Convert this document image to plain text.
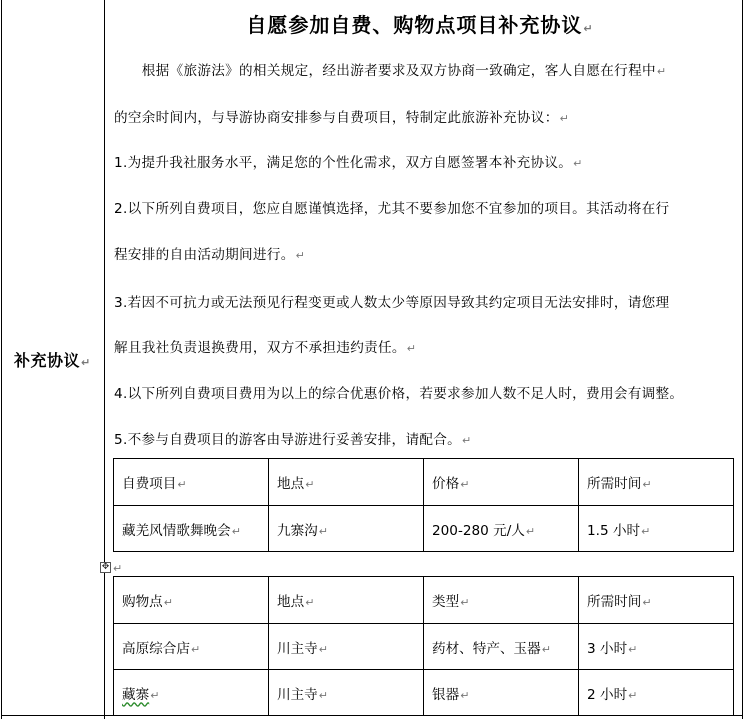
补充协议↵
自愿参加自费、购物点项目补充协议↵
　　根据《旅游法》的相关规定，经出游者要求及双方协商一致确定，客人自愿在行程中↵
的空余时间内，与导游协商安排参与自费项目，特制定此旅游补充协议：↵
1.为提升我社服务水平，满足您的个性化需求，双方自愿签署本补充协议。↵
2.以下所列自费项目，您应自愿谨慎选择，尤其不要参加您不宜参加的项目。其活动将在行
程安排的自由活动期间进行。↵
3.若因不可抗力或无法预见行程变更或人数太少等原因导致其约定项目无法安排时，请您理
解且我社负责退换费用，双方不承担违约责任。↵
4.以下所列自费项目费用为以上的综合优惠价格，若要求参加人数不足人时，费用会有调整。
5.不参与自费项目的游客由导游进行妥善安排，请配合。↵
自费项目↵	地点↵	价格↵	所需时间↵
藏羌风情歌舞晚会↵	九寨沟↵	200-280 元/人↵	1.5 小时↵
✥ ↵
购物点↵	地点↵	类型↵	所需时间↵
高原综合店↵	川主寺↵	药材、特产、玉器↵	3 小时↵
藏寨↵	川主寺↵	银器↵	2 小时↵
